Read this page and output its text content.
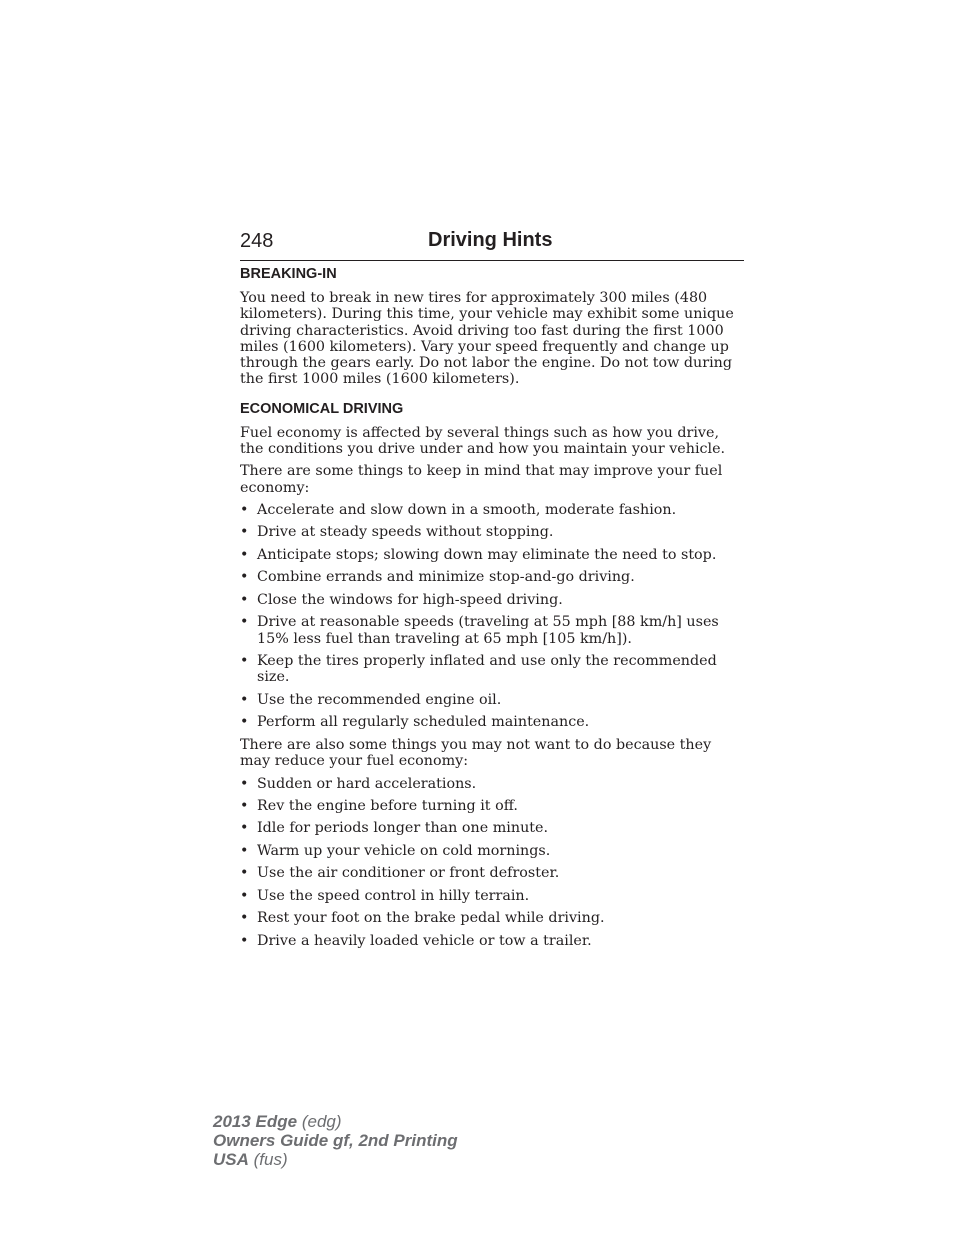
248	Driving Hints
BREAKING-IN

You need to break in new tires for approximately 300 miles (480 kilometers). During this time, your vehicle may exhibit some unique driving characteristics. Avoid driving too fast during the first 1000 miles (1600 kilometers). Vary your speed frequently and change up through the gears early. Do not labor the engine. Do not tow during the first 1000 miles (1600 kilometers).

ECONOMICAL DRIVING

Fuel economy is affected by several things such as how you drive, the conditions you drive under and how you maintain your vehicle.

There are some things to keep in mind that may improve your fuel economy:

• Accelerate and slow down in a smooth, moderate fashion.
• Drive at steady speeds without stopping.
• Anticipate stops; slowing down may eliminate the need to stop.
• Combine errands and minimize stop-and-go driving.
• Close the windows for high-speed driving.
• Drive at reasonable speeds (traveling at 55 mph [88 km/h] uses 15% less fuel than traveling at 65 mph [105 km/h]).
• Keep the tires properly inflated and use only the recommended size.
• Use the recommended engine oil.
• Perform all regularly scheduled maintenance.

There are also some things you may not want to do because they may reduce your fuel economy:

• Sudden or hard accelerations.
• Rev the engine before turning it off.
• Idle for periods longer than one minute.
• Warm up your vehicle on cold mornings.
• Use the air conditioner or front defroster.
• Use the speed control in hilly terrain.
• Rest your foot on the brake pedal while driving.
• Drive a heavily loaded vehicle or tow a trailer.
2013 Edge (edg)
Owners Guide gf, 2nd Printing
USA (fus)
